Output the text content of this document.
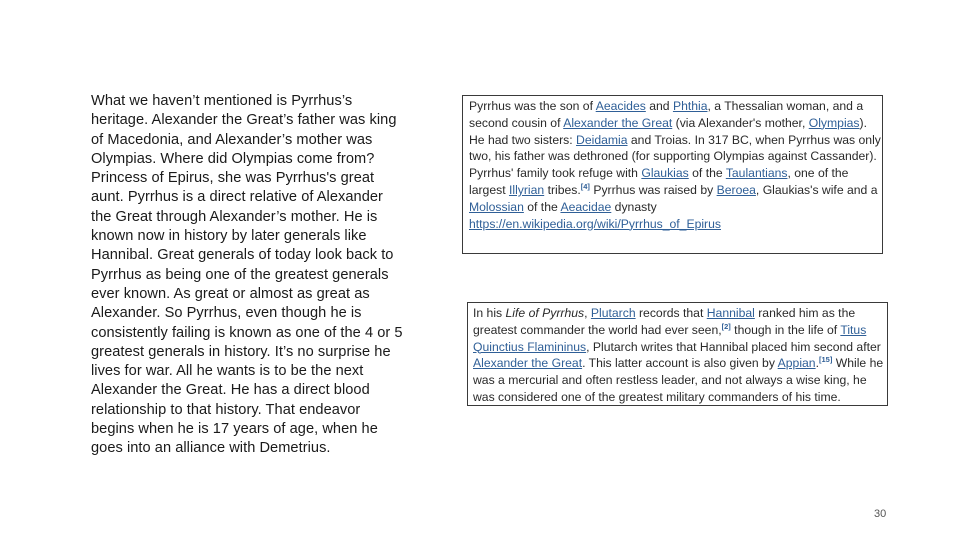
What we haven’t mentioned is Pyrrhus’s heritage. Alexander the Great’s father was king of Macedonia, and Alexander’s mother was Olympias. Where did Olympias come from? Princess of Epirus, she was Pyrrhus's great aunt. Pyrrhus is a direct relative of Alexander the Great through Alexander’s mother. He is known now in history by later generals like Hannibal. Great generals of today look back to Pyrrhus as being one of the greatest generals ever known. As great or almost as great as Alexander. So Pyrrhus, even though he is consistently failing is known as one of the 4 or 5 greatest generals in history. It’s no surprise he lives for war. All he wants is to be the next Alexander the Great. He has a direct blood relationship to that history. That endeavor begins when he is 17 years of age, when he goes into an alliance with Demetrius.

Pyrrhus was the son of Aeacides and Phthia, a Thessalian woman, and a second cousin of Alexander the Great (via Alexander's mother, Olympias). He had two sisters: Deidamia and Troias. In 317 BC, when Pyrrhus was only two, his father was dethroned (for supporting Olympias against Cassander). Pyrrhus' family took refuge with Glaukias of the Taulantians, one of the largest Illyrian tribes.[4] Pyrrhus was raised by Beroea, Glaukias's wife and a Molossian of the Aeacidae dynasty
https://en.wikipedia.org/wiki/Pyrrhus_of_Epirus

In his Life of Pyrrhus, Plutarch records that Hannibal ranked him as the greatest commander the world had ever seen,[2] though in the life of Titus Quinctius Flamininus, Plutarch writes that Hannibal placed him second after Alexander the Great. This latter account is also given by Appian.[15] While he was a mercurial and often restless leader, and not always a wise king, he was considered one of the greatest military commanders of his time.

30
